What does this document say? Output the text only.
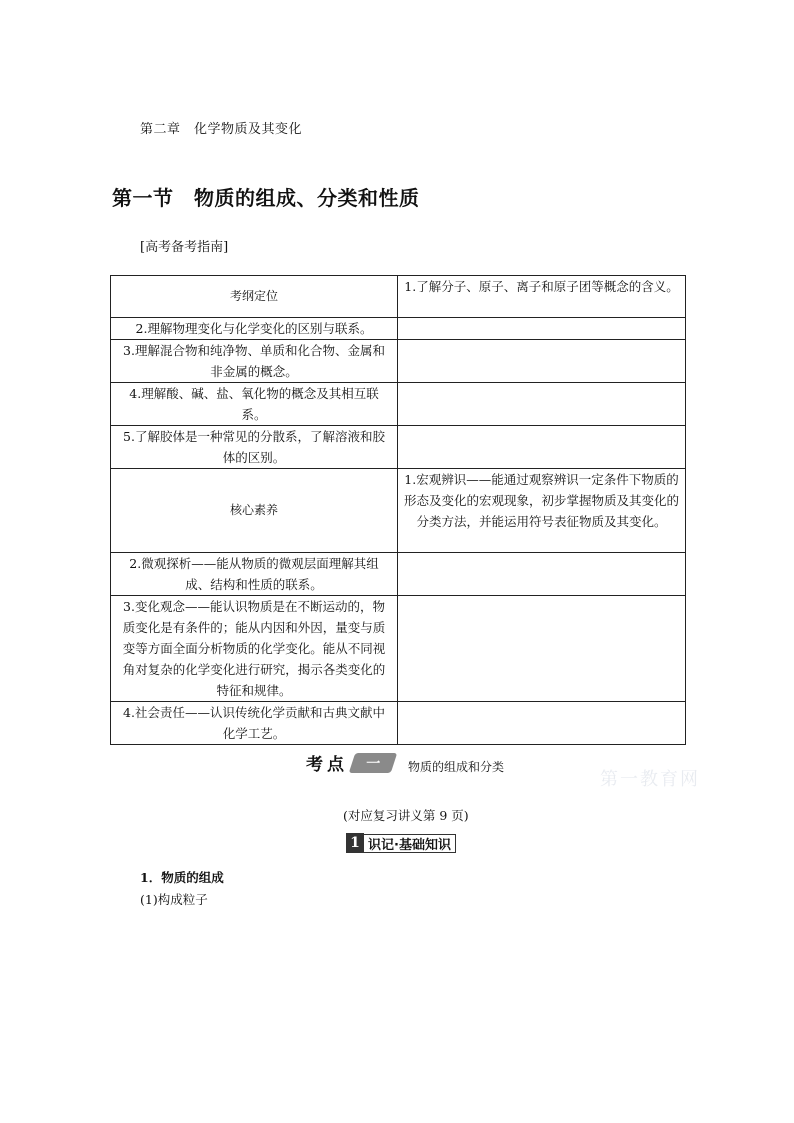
第二章　化学物质及其变化
第一节　物质的组成、分类和性质
[高考备考指南]
考纲定位	1.了解分子、原子、离子和原子团等概念的含义。
2.理解物理变化与化学变化的区别与联系。	
3.理解混合物和纯净物、单质和化合物、金属和非金属的概念。	
4.理解酸、碱、盐、氧化物的概念及其相互联系。	
5.了解胶体是一种常见的分散系，了解溶液和胶体的区别。	
核心素养	1.宏观辨识——能通过观察辨识一定条件下物质的形态及变化的宏观现象，初步掌握物质及其变化的分类方法，并能运用符号表征物质及其变化。
2.微观探析——能从物质的微观层面理解其组成、结构和性质的联系。	
3.变化观念——能认识物质是在不断运动的，物质变化是有条件的；能从内因和外因，量变与质变等方面全面分析物质的化学变化。能从不同视角对复杂的化学变化进行研究，揭示各类变化的特征和规律。	
4.社会责任——认识传统化学贡献和古典文献中化学工艺。	
考点	一	物质的组成和分类
第一教育网
(对应复习讲义第 9 页)
1 识记·基础知识
1．物质的组成
(1)构成粒子
